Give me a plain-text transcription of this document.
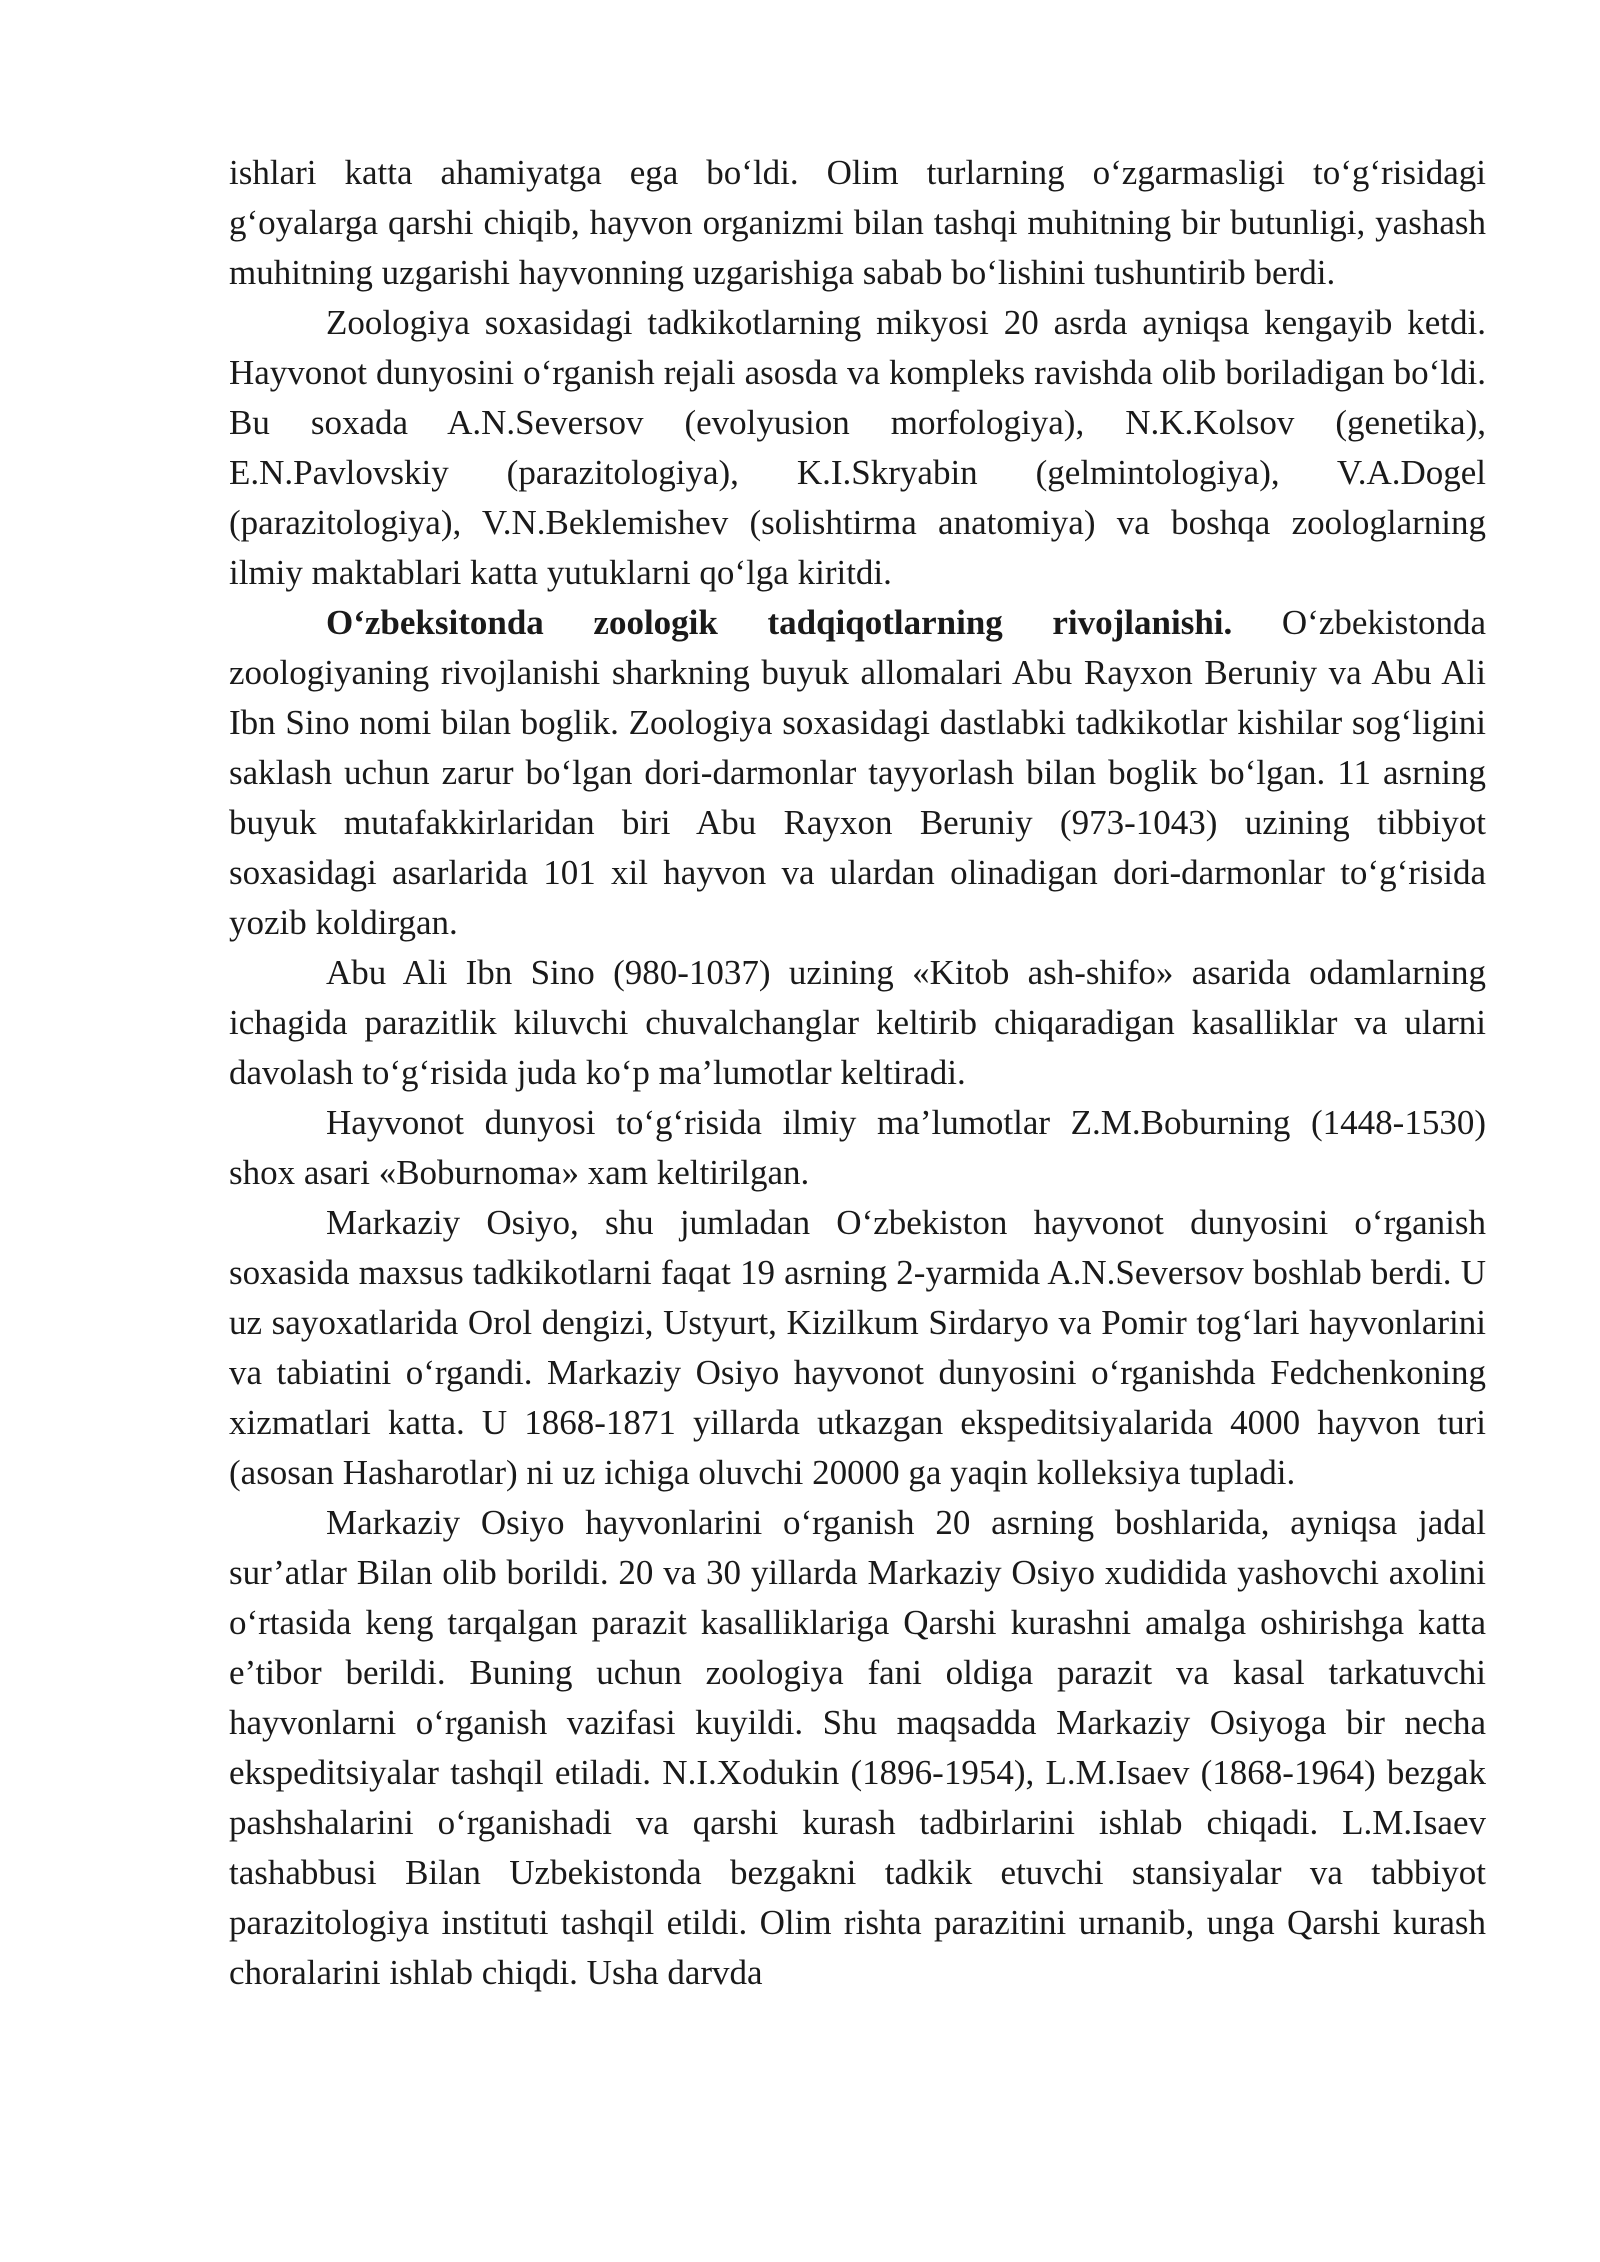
ishlari katta ahamiyatga ega bo‘ldi. Olim turlarning o‘zgarmasligi to‘g‘risidagi g‘oyalarga qarshi chiqib, hayvon organizmi bilan tashqi muhitning bir butunligi, yashash muhitning uzgarishi hayvonning uzgarishiga sabab bo‘lishini tushuntirib berdi.

Zoologiya soxasidagi tadkikotlarning mikyosi 20 asrda ayniqsa kengayib ketdi. Hayvonot dunyosini o‘rganish rejali asosda va kompleks ravishda olib boriladigan bo‘ldi. Bu soxada A.N.Seversov (evolyusion morfologiya), N.K.Kolsov (genetika), E.N.Pavlovskiy (parazitologiya), K.I.Skryabin (gelmintologiya), V.A.Dogel (parazitologiya), V.N.Beklemishev (solishtirma anatomiya) va boshqa zoologlarning ilmiy maktablari katta yutuklarni qo‘lga kiritdi.

O‘zbeksitonda zoologik tadqiqotlarning rivojlanishi. O‘zbekistonda zoologiyaning rivojlanishi sharkning buyuk allomalari Abu Rayxon Beruniy va Abu Ali Ibn Sino nomi bilan boglik. Zoologiya soxasidagi dastlabki tadkikotlar kishilar sog‘ligini saklash uchun zarur bo‘lgan dori-darmonlar tayyorlash bilan boglik bo‘lgan. 11 asrning buyuk mutafakkirlaridan biri Abu Rayxon Beruniy (973-1043) uzining tibbiyot soxasidagi asarlarida 101 xil hayvon va ulardan olinadigan dori-darmonlar to‘g‘risida yozib koldirgan.

Abu Ali Ibn Sino (980-1037) uzining «Kitob ash-shifo» asarida odamlarning ichagida parazitlik kiluvchi chuvalchanglar keltirib chiqaradigan kasalliklar va ularni davolash to‘g‘risida juda ko‘p ma’lumotlar keltiradi.

Hayvonot dunyosi to‘g‘risida ilmiy ma’lumotlar Z.M.Boburning (1448-1530) shox asari «Boburnoma» xam keltirilgan.

Markaziy Osiyo, shu jumladan O‘zbekiston hayvonot dunyosini o‘rganish soxasida maxsus tadkikotlarni faqat 19 asrning 2-yarmida A.N.Seversov boshlab berdi. U uz sayoxatlarida Orol dengizi, Ustyurt, Kizilkum Sirdaryo va Pomir tog‘lari hayvonlarini va tabiatini o‘rgandi. Markaziy Osiyo hayvonot dunyosini o‘rganishda Fedchenkoning xizmatlari katta. U 1868-1871 yillarda utkazgan ekspeditsiyalarida 4000 hayvon turi (asosan Hasharotlar) ni uz ichiga oluvchi 20000 ga yaqin kolleksiya tupladi.

Markaziy Osiyo hayvonlarini o‘rganish 20 asrning boshlarida, ayniqsa jadal sur’atlar Bilan olib borildi. 20 va 30 yillarda Markaziy Osiyo xudidida yashovchi axolini o‘rtasida keng tarqalgan parazit kasalliklariga Qarshi kurashni amalga oshirishga katta e’tibor berildi. Buning uchun zoologiya fani oldiga parazit va kasal tarkatuvchi hayvonlarni o‘rganish vazifasi kuyildi. Shu maqsadda Markaziy Osiyoga bir necha ekspeditsiyalar tashqil etiladi. N.I.Xodukin (1896-1954), L.M.Isaev (1868-1964) bezgak pashshalarini o‘rganishadi va qarshi kurash tadbirlarini ishlab chiqadi. L.M.Isaev tashabbusi Bilan Uzbekistonda bezgakni tadkik etuvchi stansiyalar va tabbiyot parazitologiya instituti tashqil etildi. Olim rishta parazitini urnanib, unga Qarshi kurash choralarini ishlab chiqdi. Usha darvda
